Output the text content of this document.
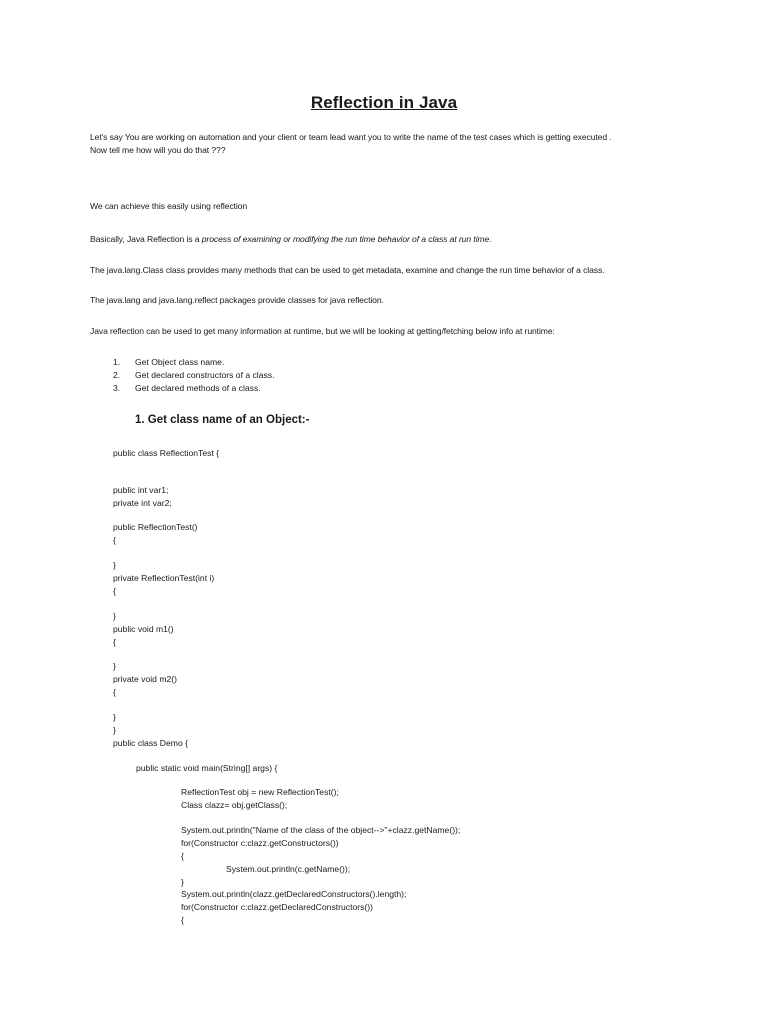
Reflection in Java
Let's say You are working on automation and your client or team lead want you to write the name of the test cases which is getting executed .
Now tell me how will you do that ???
We can achieve this easily using reflection
Basically, Java Reflection is a process of examining or modifying the run time behavior of a class at run time.
The java.lang.Class class provides many methods that can be used to get metadata, examine and change the run time behavior of a class.
The java.lang and java.lang.reflect packages provide classes for java reflection.
Java reflection can be used to get many information at runtime, but we will be looking at getting/fetching below info at runtime:
1. Get Object class name.
2. Get declared constructors of a class.
3. Get declared methods of a class.
1. Get class name of an Object:-
public class ReflectionTest {
public int var1;
private int var2;
public ReflectionTest()
{
}
private ReflectionTest(int i)
{
}
public void m1()
{
}
private void m2()
{
}
}
public class Demo {
public static void main(String[] args) {
ReflectionTest obj = new ReflectionTest();
Class clazz= obj.getClass();
System.out.println("Name of the class of the object-->"+clazz.getName());
for(Constructor c:clazz.getConstructors())
{
System.out.println(c.getName());
}
System.out.println(clazz.getDeclaredConstructors().length);
for(Constructor c:clazz.getDeclaredConstructors())
{
